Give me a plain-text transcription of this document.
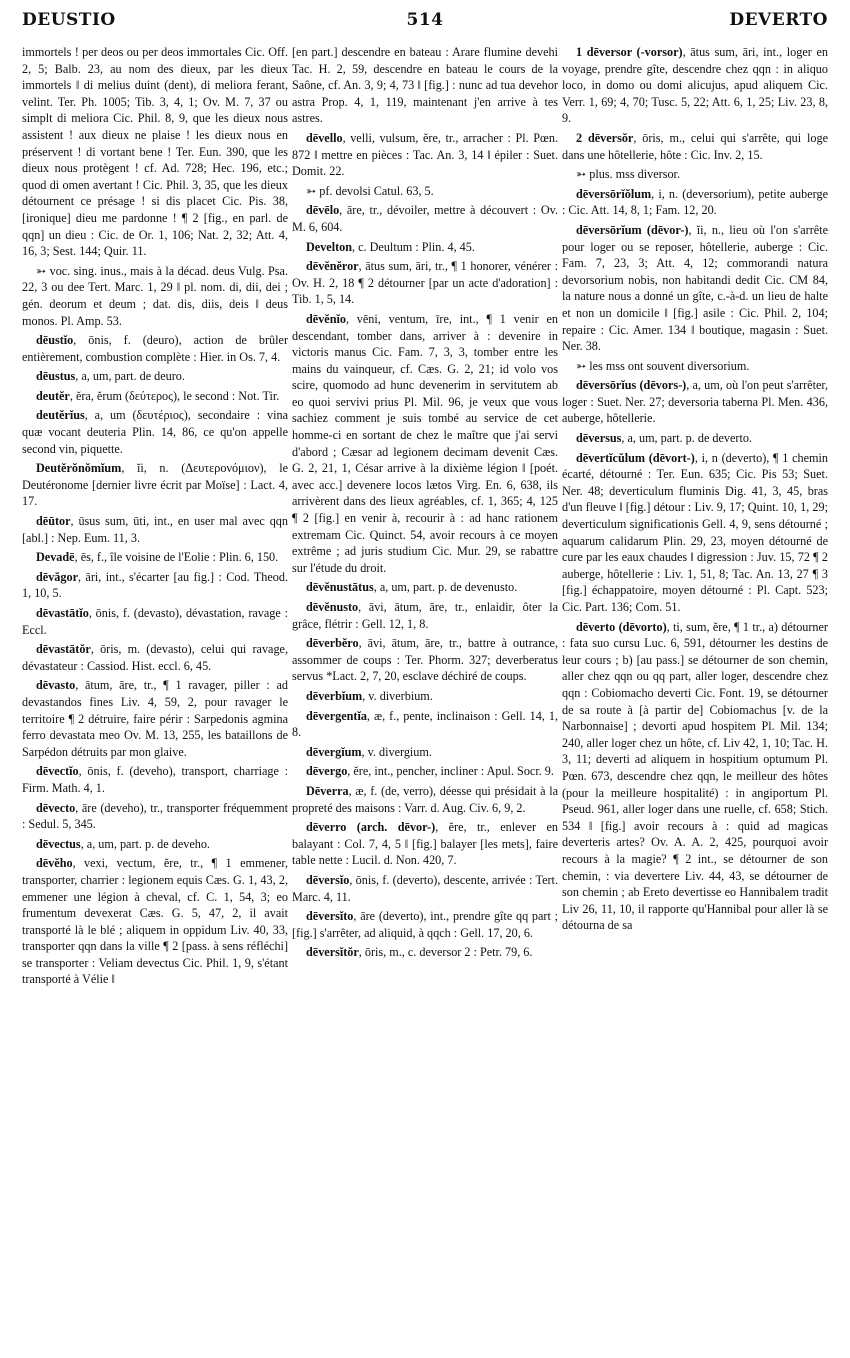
DEUSTIO	514	DEVERTO

immortels ! per deos ou per deos immortales Cic. Off. 2, 5; Balb. 23, au nom des dieux, par les dieux immortels ‖ di melius duint (dent), di meliora ferant, velint. Ter. Ph. 1005; Tib. 3, 4, 1; Ov. M. 7, 37 ou simplt di meliora Cic. Phil. 8, 9, que les dieux nous assistent ! aux dieux ne plaise ! les dieux nous en préservent ! di vortant bene ! Ter. Eun. 390, que les dieux nous protègent ! cf. Ad. 728; Hec. 196, etc.; quod di omen avertant ! Cic. Phil. 3, 35, que les dieux détournent ce présage ! si dis placet Cic. Pis. 38, [ironique] dieu me pardonne ! ¶ 2 [fig., en parl. de qqn] un dieu : Cic. de Or. 1, 106; Nat. 2, 32; Att. 4, 16, 3; Sest. 144; Quir. 11.

➳ voc. sing. inus., mais à la décad. deus Vulg. Psa. 22, 3 ou dee Tert. Marc. 1, 29 ‖ pl. nom. di, dii, dei ; gén. deorum et deum ; dat. dis, diis, deis ‖ deus monos. Pl. Amp. 53.

dēustĭo, ōnis, f. (deuro), action de brûler entièrement, combustion complète : Hier. in Os. 7, 4.

dēustus, a, um, part. de deuro.

deutĕr, ĕra, ĕrum (δεύτερος), le second : Not. Tir.

deutĕrĭus, a, um (δευτέριος), secondaire : vina quæ vocant deuteria Plin. 14, 86, ce qu'on appelle second vin, piquette.

Deutĕrŏnŏmĭum, ĭi, n. (Δευτερονόμιον), le Deutéronome [dernier livre écrit par Moïse] : Lact. 4, 17.

dēūtor, ūsus sum, ūti, int., en user mal avec qqn [abl.] : Nep. Eum. 11, 3.

Devadē, ēs, f., île voisine de l'Eolie : Plin. 6, 150.

dēvăgor, āri, int., s'écarter [au fig.] : Cod. Theod. 1, 10, 5.

dēvastātĭo, ōnis, f. (devasto), dévastation, ravage : Eccl.

dēvastātŏr, ōris, m. (devasto), celui qui ravage, dévastateur : Cassiod. Hist. eccl. 6, 45.

dēvasto, ātum, āre, tr., ¶ 1 ravager, piller : ad devastandos fines Liv. 4, 59, 2, pour ravager le territoire ¶ 2 détruire, faire périr : Sarpedonis agmina ferro devastata meo Ov. M. 13, 255, les bataillons de Sarpédon détruits par mon glaive.

dēvectĭo, ōnis, f. (deveho), transport, charriage : Firm. Math. 4, 1.

dēvecto, āre (deveho), tr., transporter fréquemment : Sedul. 5, 345.

dēvectus, a, um, part. p. de deveho.

dēvĕho, vexi, vectum, ĕre, tr., ¶ 1 emmener, transporter, charrier : legionem equis Cæs. G. 1, 43, 2, emmener une légion à cheval, cf. C. 1, 54, 3; eo frumentum devexerat Cæs. G. 5, 47, 2, il avait transporté là le blé ; aliquem in oppidum Liv. 40, 33, transporter qqn dans la ville ¶ 2 [pass. à sens réfléchi] se transporter : Veliam devectus Cic. Phil. 1, 9, s'étant transporté à Vélie ‖

[en part.] descendre en bateau : Arare flumine devehi Tac. H. 2, 59, descendre en bateau le cours de la Saône, cf. An. 3, 9; 4, 73 ‖ [fig.] : nunc ad tua devehor astra Prop. 4, 1, 119, maintenant j'en arrive à tes astres.

dēvello, velli, vulsum, ĕre, tr., arracher : Pl. Pœn. 872 ‖ mettre en pièces : Tac. An. 3, 14 ‖ épiler : Suet. Domit. 22.

➳ pf. devolsi Catul. 63, 5.

dēvēlo, āre, tr., dévoiler, mettre à découvert : Ov. M. 6, 604.

Develton, c. Deultum : Plin. 4, 45.

dēvĕnĕror, ātus sum, āri, tr., ¶ 1 honorer, vénérer : Ov. H. 2, 18 ¶ 2 détourner [par un acte d'adoration] : Tib. 1, 5, 14.

dēvĕnĭo, vēni, ventum, īre, int., ¶ 1 venir en descendant, tomber dans, arriver à : devenire in victoris manus Cic. Fam. 7, 3, 3, tomber entre les mains du vainqueur, cf. Cæs. G. 2, 21; id volo vos scire, quomodo ad hunc devenerim in servitutem ab eo quoi servivi prius Pl. Mil. 96, je veux que vous sachiez comment je suis tombé au service de cet homme-ci en sortant de chez le maître que j'ai servi d'abord ; Cæsar ad legionem decimam devenit Cæs. G. 2, 21, 1, César arrive à la dixième légion ‖ [poét. avec acc.] devenere locos lætos Virg. En. 6, 638, ils arrivèrent dans des lieux agréables, cf. 1, 365; 4, 125 ¶ 2 [fig.] en venir à, recourir à : ad hanc rationem extremam Cic. Quinct. 54, avoir recours à ce moyen extrême ; ad juris studium Cic. Mur. 29, se rabattre sur l'étude du droit.

dēvĕnustātus, a, um, part. p. de devenusto.

dēvĕnusto, āvi, ātum, āre, tr., enlaidir, ôter la grâce, flétrir : Gell. 12, 1, 8.

dēverbĕro, āvi, ātum, āre, tr., battre à outrance, assommer de coups : Ter. Phorm. 327; deverberatus servus *Lact. 2, 7, 20, esclave déchiré de coups.

dēverbĭum, v. diverbium.

dēvergentĭa, æ, f., pente, inclinaison : Gell. 14, 1, 8.

dēvergĭum, v. divergium.

dēvergo, ĕre, int., pencher, incliner : Apul. Socr. 9.

Dēverra, æ, f. (de, verro), déesse qui présidait à la propreté des maisons : Varr. d. Aug. Civ. 6, 9, 2.

dēverro (arch. dēvor-), ĕre, tr., enlever en balayant : Col. 7, 4, 5 ‖ [fig.] balayer [les mets], faire table nette : Lucil. d. Non. 420, 7.

dēversĭo, ōnis, f. (deverto), descente, arrivée : Tert. Marc. 4, 11.

dēversĭto, āre (deverto), int., prendre gîte qq part ; [fig.] s'arrêter, ad aliquid, à qqch : Gell. 17, 20, 6.

dēversĭtŏr, ōris, m., c. deversor 2 : Petr. 79, 6.

1 dēversor (-vorsor), ātus sum, āri, int., loger en voyage, prendre gîte, descendre chez qqn : in aliquo loco, in domo ou domi alicujus, apud aliquem Cic. Verr. 1, 69; 4, 70; Tusc. 5, 22; Att. 6, 1, 25; Liv. 23, 8, 9.

2 dēversŏr, ōris, m., celui qui s'arrête, qui loge dans une hôtellerie, hôte : Cic. Inv. 2, 15.

➳ plus. mss diversor.

dēversōrĭŏlum, i, n. (deversorium), petite auberge : Cic. Att. 14, 8, 1; Fam. 12, 20.

dēversōrĭum (dēvor-), ĭi, n., lieu où l'on s'arrête pour loger ou se reposer, hôtellerie, auberge : Cic. Fam. 7, 23, 3; Att. 4, 12; commorandi natura devorsorium nobis, non habitandi dedit Cic. CM 84, la nature nous a donné un gîte, c.-à-d. un lieu de halte et non un domicile ‖ [fig.] asile : Cic. Phil. 2, 104; repaire : Cic. Amer. 134 ‖ boutique, magasin : Suet. Ner. 38.

➳ les mss ont souvent diversorium.

dēversōrĭus (dēvors-), a, um, où l'on peut s'arrêter, loger : Suet. Ner. 27; deversoria taberna Pl. Men. 436, auberge, hôtellerie.

dēversus, a, um, part. p. de deverto.

dēvertĭcŭlum (dēvort-), i, n (deverto), ¶ 1 chemin écarté, détourné : Ter. Eun. 635; Cic. Pis 53; Suet. Ner. 48; deverticulum fluminis Dig. 41, 3, 45, bras d'un fleuve ‖ [fig.] détour : Liv. 9, 17; Quint. 10, 1, 29; deverticulum significationis Gell. 4, 9, sens détourné ; aquarum calidarum Plin. 29, 23, moyen détourné de cure par les eaux chaudes ‖ digression : Juv. 15, 72 ¶ 2 auberge, hôtellerie : Liv. 1, 51, 8; Tac. An. 13, 27 ¶ 3 [fig.] échappatoire, moyen détourné : Pl. Capt. 523; Cic. Part. 136; Com. 51.

dēverto (dēvorto), ti, sum, ĕre, ¶ 1 tr., a) détourner : fata suo cursu Luc. 6, 591, détourner les destins de leur cours ; b) [au pass.] se détourner de son chemin, aller chez qqn ou qq part, aller loger, descendre chez qqn : Cobiomacho deverti Cic. Font. 19, se détourner de sa route à [à partir de] Cobiomachus [v. de la Narbonnaise] ; devorti apud hospitem Pl. Mil. 134; 240, aller loger chez un hôte, cf. Liv 42, 1, 10; Tac. H. 3, 11; deverti ad aliquem in hospitium optumum Pl. Pœn. 673, descendre chez qqn, le meilleur des hôtes (pour la meilleure hospitalité) : in angiportum Pl. Pseud. 961, aller loger dans une ruelle, cf. 658; Stich. 534 ‖ [fig.] avoir recours à : quid ad magicas deverteris artes? Ov. A. A. 2, 425, pourquoi avoir recours à la magie? ¶ 2 int., se détourner de son chemin, : via devertere Liv. 44, 43, se détourner de son chemin ; ab Ereto devertisse eo Hannibalem tradit Liv 26, 11, 10, il rapporte qu'Hannibal pour aller là se détourna de sa
